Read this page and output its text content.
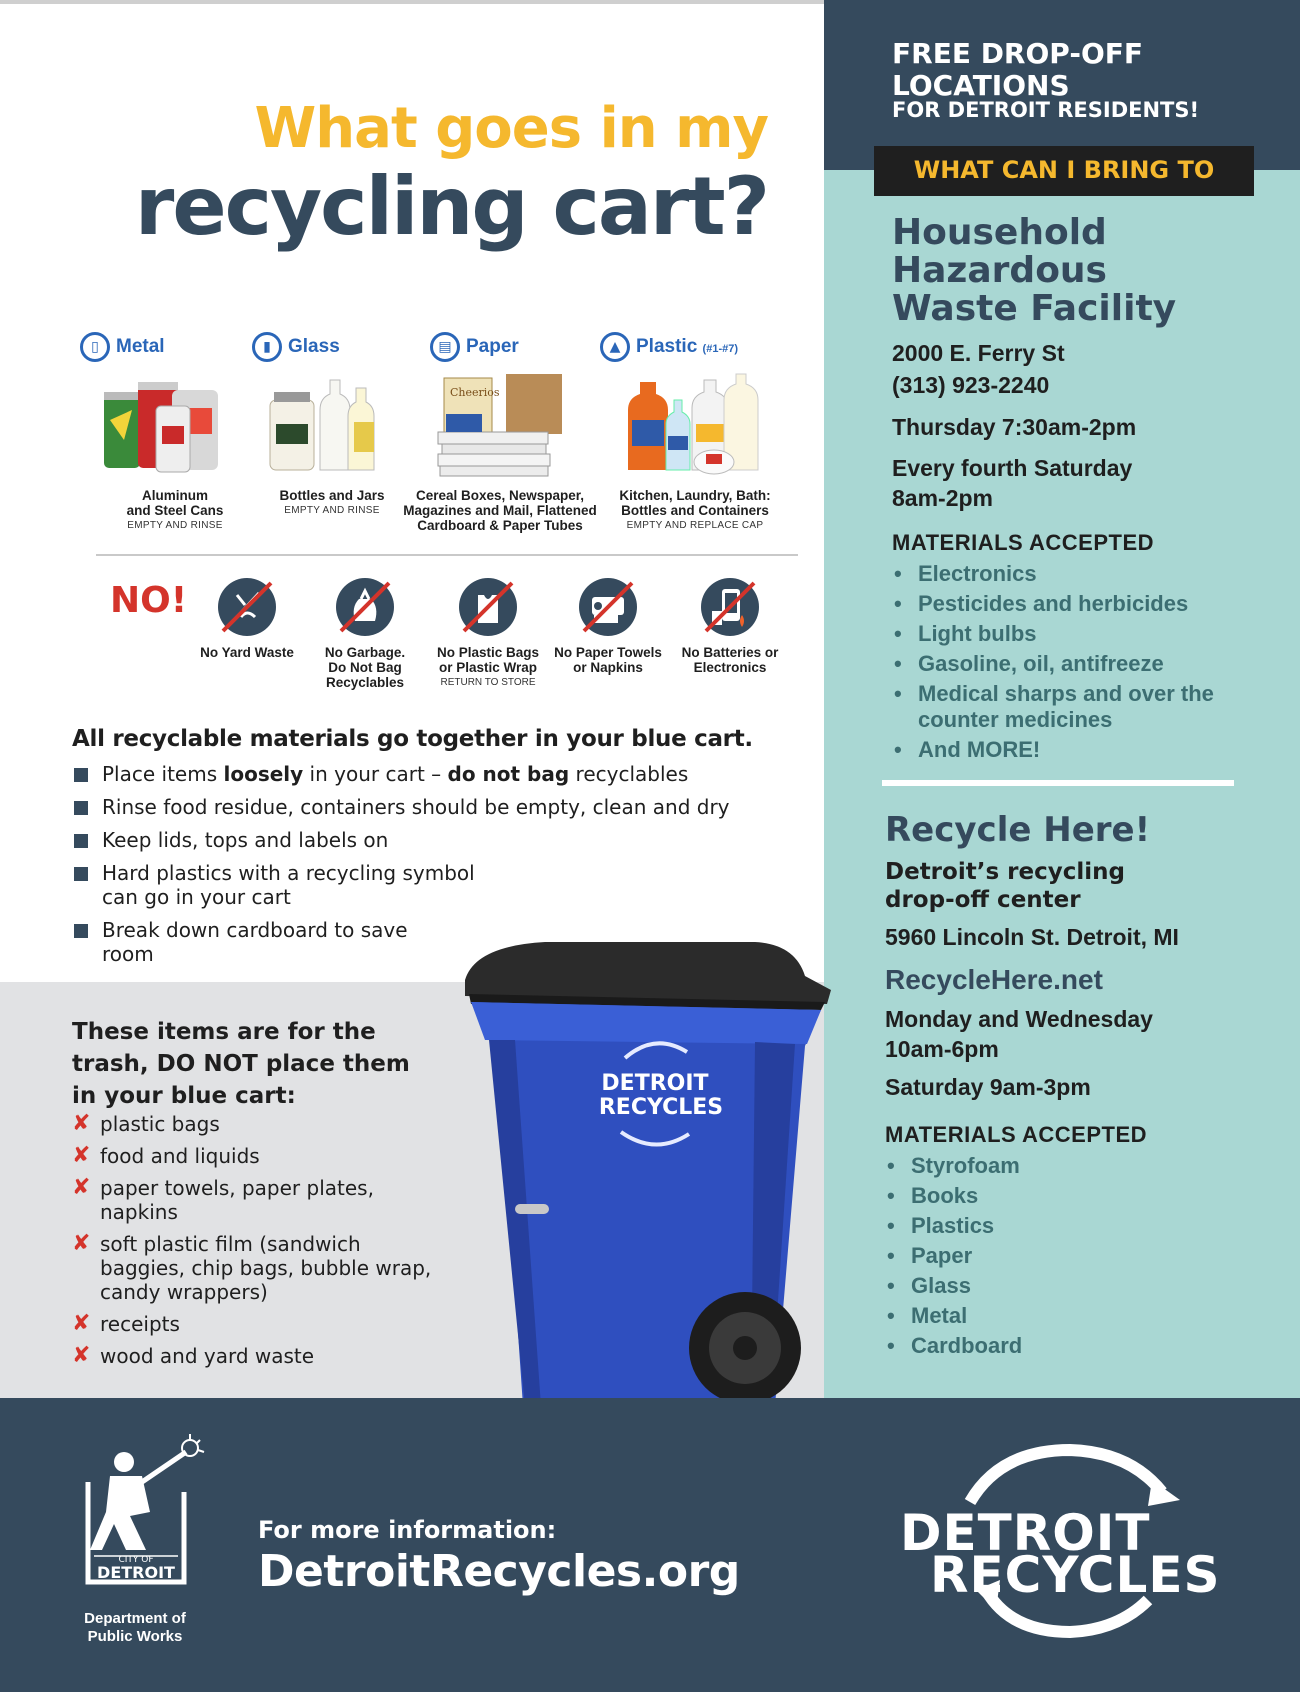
What goes in my
recycling cart?
▯ Metal
Aluminum
and Steel Cans
EMPTY AND RINSE
▮ Glass
Bottles and Jars
EMPTY AND RINSE
▤ Paper
Cheerios
Cereal Boxes, Newspaper,
Magazines and Mail, Flattened
Cardboard & Paper Tubes
▲ Plastic (#1-#7)
Kitchen, Laundry, Bath:
Bottles and Containers
EMPTY AND REPLACE CAP
NO!
No Yard Waste	No Garbage.
Do Not Bag
Recyclables
No Plastic Bags
or Plastic Wrap
RETURN TO STORE
No Paper Towels
or Napkins
No Batteries or
Electronics
All recyclable materials go together in your blue cart.
Place items loosely in your cart – do not bag recyclables
Rinse food residue, containers should be empty, clean and dry
Keep lids, tops and labels on
Hard plastics with a recycling symbol
can go in your cart
Break down cardboard to save
room
These items are for the
trash, DO NOT place them
in your blue cart:
✘ plastic bags
✘ food and liquids
✘ paper towels, paper plates,
napkins
✘ soft plastic film (sandwich
baggies, chip bags, bubble wrap,
candy wrappers)
✘ receipts
✘ wood and yard waste
FREE DROP-OFF
LOCATIONS
FOR DETROIT RESIDENTS!
WHAT CAN I BRING TO
Household
Hazardous
Waste Facility
2000 E. Ferry St
(313) 923-2240
Thursday 7:30am-2pm
Every fourth Saturday
8am-2pm
MATERIALS ACCEPTED
• Electronics
• Pesticides and herbicides
• Light bulbs
• Gasoline, oil, antifreeze
• Medical sharps and over the
counter medicines
• And MORE!
Recycle Here!
Detroit’s recycling
drop-off center
5960 Lincoln St. Detroit, MI
RecycleHere.net
Monday and Wednesday
10am-6pm
Saturday 9am-3pm
MATERIALS ACCEPTED
• Styrofoam
• Books
• Plastics
• Paper
• Glass
• Metal
• Cardboard
DETROIT
RECYCLES
CITY OF
DETROIT
Department of
Public Works
For more information:
DetroitRecycles.org
DETROIT
RECYCLES
